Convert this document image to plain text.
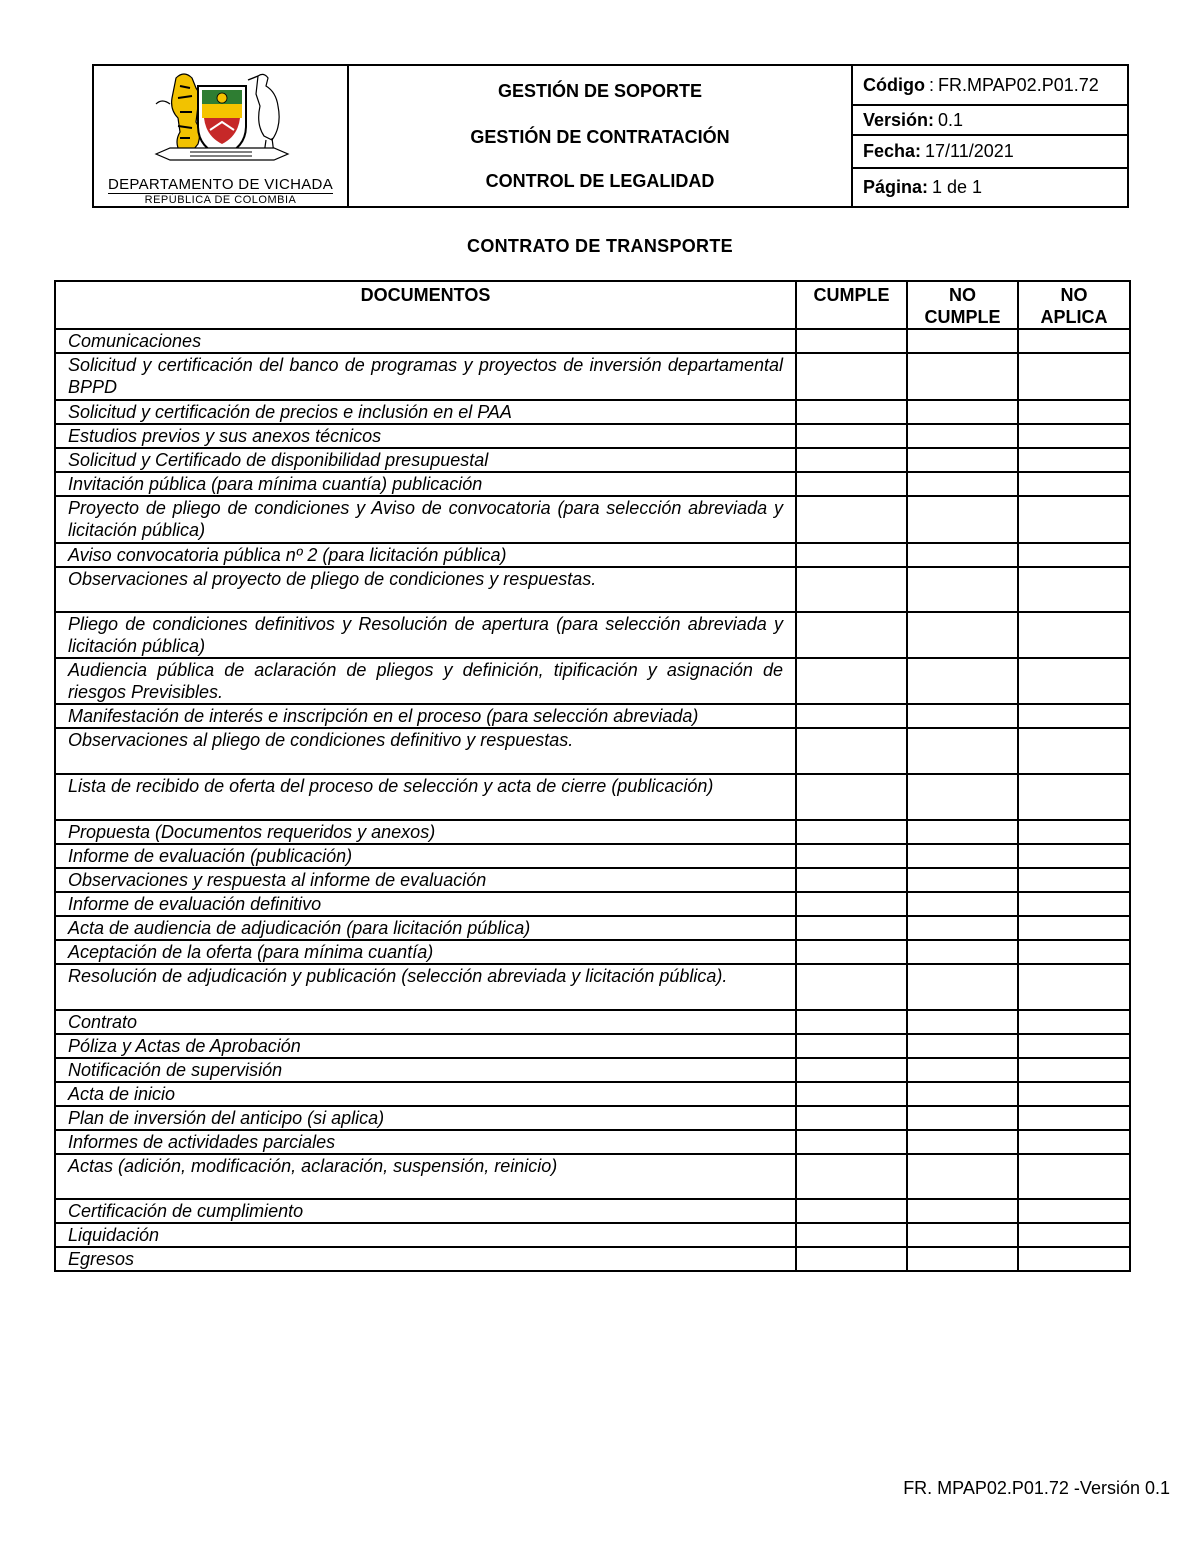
DEPARTAMENTO DE VICHADA
REPÚBLICA DE COLOMBIA
GESTIÓN DE SOPORTE
GESTIÓN DE CONTRATACIÓN
CONTROL DE LEGALIDAD
Código : FR.MPAP02.P01.72
Versión: 0.1
Fecha: 17/11/2021
Página: 1 de 1
CONTRATO DE TRANSPORTE
DOCUMENTOS	CUMPLE	NO CUMPLE	NO APLICA
Comunicaciones			
Solicitud y certificación del banco de programas y proyectos de inversión departamental BPPD			
Solicitud y certificación de precios e inclusión en el PAA			
Estudios previos y sus anexos técnicos			
Solicitud y Certificado de disponibilidad presupuestal			
Invitación pública (para mínima cuantía) publicación			
Proyecto de pliego de condiciones y Aviso de convocatoria (para selección abreviada y licitación pública)			
Aviso convocatoria pública nº 2 (para licitación pública)			
Observaciones al proyecto de pliego de condiciones y respuestas.			
Pliego de condiciones definitivos y Resolución de apertura (para selección abreviada y licitación pública)			
Audiencia pública de aclaración de pliegos y definición, tipificación y asignación de riesgos Previsibles.			
Manifestación de interés e inscripción en el proceso (para selección abreviada)			
Observaciones al pliego de condiciones definitivo y respuestas.			
Lista de recibido de oferta del proceso de selección y acta de cierre (publicación)			
Propuesta (Documentos requeridos y anexos)			
Informe de evaluación (publicación)			
Observaciones y respuesta al informe de evaluación			
Informe de evaluación definitivo			
Acta de audiencia de adjudicación (para licitación pública)			
Aceptación de la oferta (para mínima cuantía)			
Resolución de adjudicación y publicación (selección abreviada y licitación pública).			
Contrato			
Póliza y Actas de Aprobación			
Notificación de supervisión			
Acta de inicio			
Plan de inversión del anticipo (si aplica)			
Informes de actividades parciales			
Actas (adición, modificación, aclaración, suspensión, reinicio)			
Certificación de cumplimiento			
Liquidación			
Egresos			
FR. MPAP02.P01.72 -Versión 0.1
